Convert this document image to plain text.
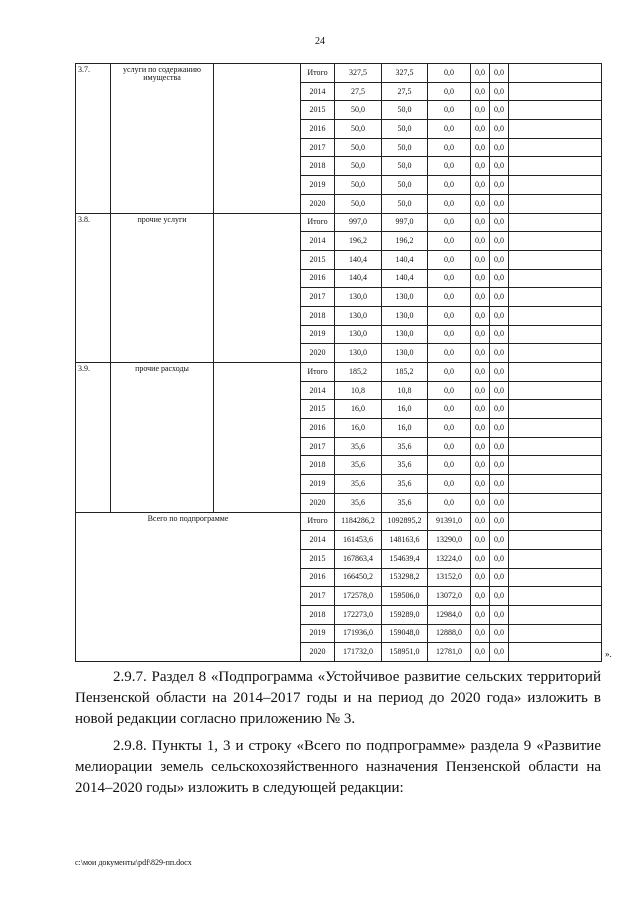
24
3.7.	услуги по содержанию имущества		Итого	327,5	327,5	0,0	0,0	0,0	
			2014	27,5	27,5	0,0	0,0	0,0	
			2015	50,0	50,0	0,0	0,0	0,0	
			2016	50,0	50,0	0,0	0,0	0,0	
			2017	50,0	50,0	0,0	0,0	0,0	
			2018	50,0	50,0	0,0	0,0	0,0	
			2019	50,0	50,0	0,0	0,0	0,0	
			2020	50,0	50,0	0,0	0,0	0,0	
3.8.	прочие услуги		Итого	997,0	997,0	0,0	0,0	0,0	
			2014	196,2	196,2	0,0	0,0	0,0	
			2015	140,4	140,4	0,0	0,0	0,0	
			2016	140,4	140,4	0,0	0,0	0,0	
			2017	130,0	130,0	0,0	0,0	0,0	
			2018	130,0	130,0	0,0	0,0	0,0	
			2019	130,0	130,0	0,0	0,0	0,0	
			2020	130,0	130,0	0,0	0,0	0,0	
3.9.	прочие расходы		Итого	185,2	185,2	0,0	0,0	0,0	
			2014	10,8	10,8	0,0	0,0	0,0	
			2015	16,0	16,0	0,0	0,0	0,0	
			2016	16,0	16,0	0,0	0,0	0,0	
			2017	35,6	35,6	0,0	0,0	0,0	
			2018	35,6	35,6	0,0	0,0	0,0	
			2019	35,6	35,6	0,0	0,0	0,0	
			2020	35,6	35,6	0,0	0,0	0,0	
Всего по подпрограмме			Итого	1184286,2	1092895,2	91391,0	0,0	0,0	
			2014	161453,6	148163,6	13290,0	0,0	0,0	
			2015	167863,4	154639,4	13224,0	0,0	0,0	
			2016	166450,2	153298,2	13152,0	0,0	0,0	
			2017	172578,0	159506,0	13072,0	0,0	0,0	
			2018	172273,0	159289,0	12984,0	0,0	0,0	
			2019	171936,0	159048,0	12888,0	0,0	0,0	
			2020	171732,0	158951,0	12781,0	0,0	0,0		».
2.9.7. Раздел 8 «Подпрограмма «Устойчивое развитие сельских территорий Пензенской области на 2014–2017 годы и на период до 2020 года» изложить в новой редакции согласно приложению № 3.
2.9.8. Пункты 1, 3 и строку «Всего по подпрограмме» раздела 9 «Развитие мелиорации земель сельскохозяйственного назначения Пензенской области на 2014–2020 годы» изложить в следующей редакции:
c:\мои документы\pdf\829-пп.docx
